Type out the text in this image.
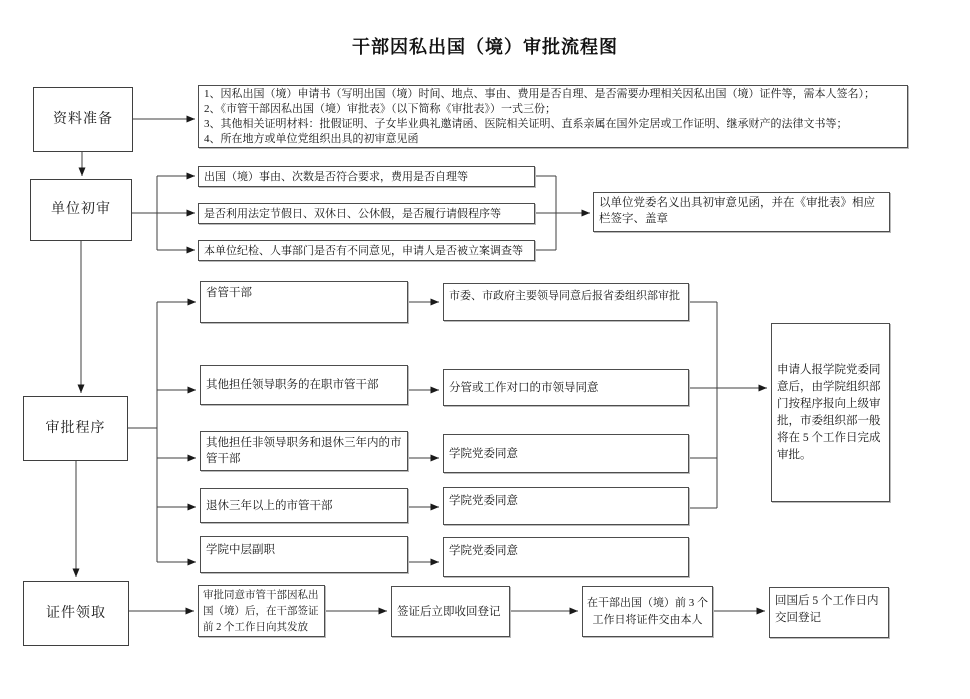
干部因私出国（境）审批流程图
资料准备
单位初审
审批程序
证件领取
1、因私出国（境）申请书（写明出国（境）时间、地点、事由、费用是否自理、是否需要办理相关因私出国（境）证件等，需本人签名）；
2、《市管干部因私出国（境）审批表》（以下简称《审批表》）一式三份；
3、其他相关证明材料：批假证明、子女毕业典礼邀请函、医院相关证明、直系亲属在国外定居或工作证明、继承财产的法律文书等；
4、所在地方或单位党组织出具的初审意见函
出国（境）事由、次数是否符合要求，费用是否自理等
是否利用法定节假日、双休日、公休假，是否履行请假程序等
本单位纪检、人事部门是否有不同意见，申请人是否被立案调查等
以单位党委名义出具初审意见函，并在《审批表》相应栏签字、盖章
省管干部
其他担任领导职务的在职市管干部
其他担任非领导职务和退休三年内的市管干部
退休三年以上的市管干部
学院中层副职
市委、市政府主要领导同意后报省委组织部审批
分管或工作对口的市领导同意
学院党委同意
学院党委同意
学院党委同意
申请人报学院党委同意后，由学院组织部门按程序报向上级审批，市委组织部一般将在 5 个工作日完成审批。
审批同意市管干部因私出国（境）后，在干部签证前 2 个工作日向其发放
签证后立即收回登记
在干部出国（境）前 3 个工作日将证件交由本人
回国后 5 个工作日内交回登记
